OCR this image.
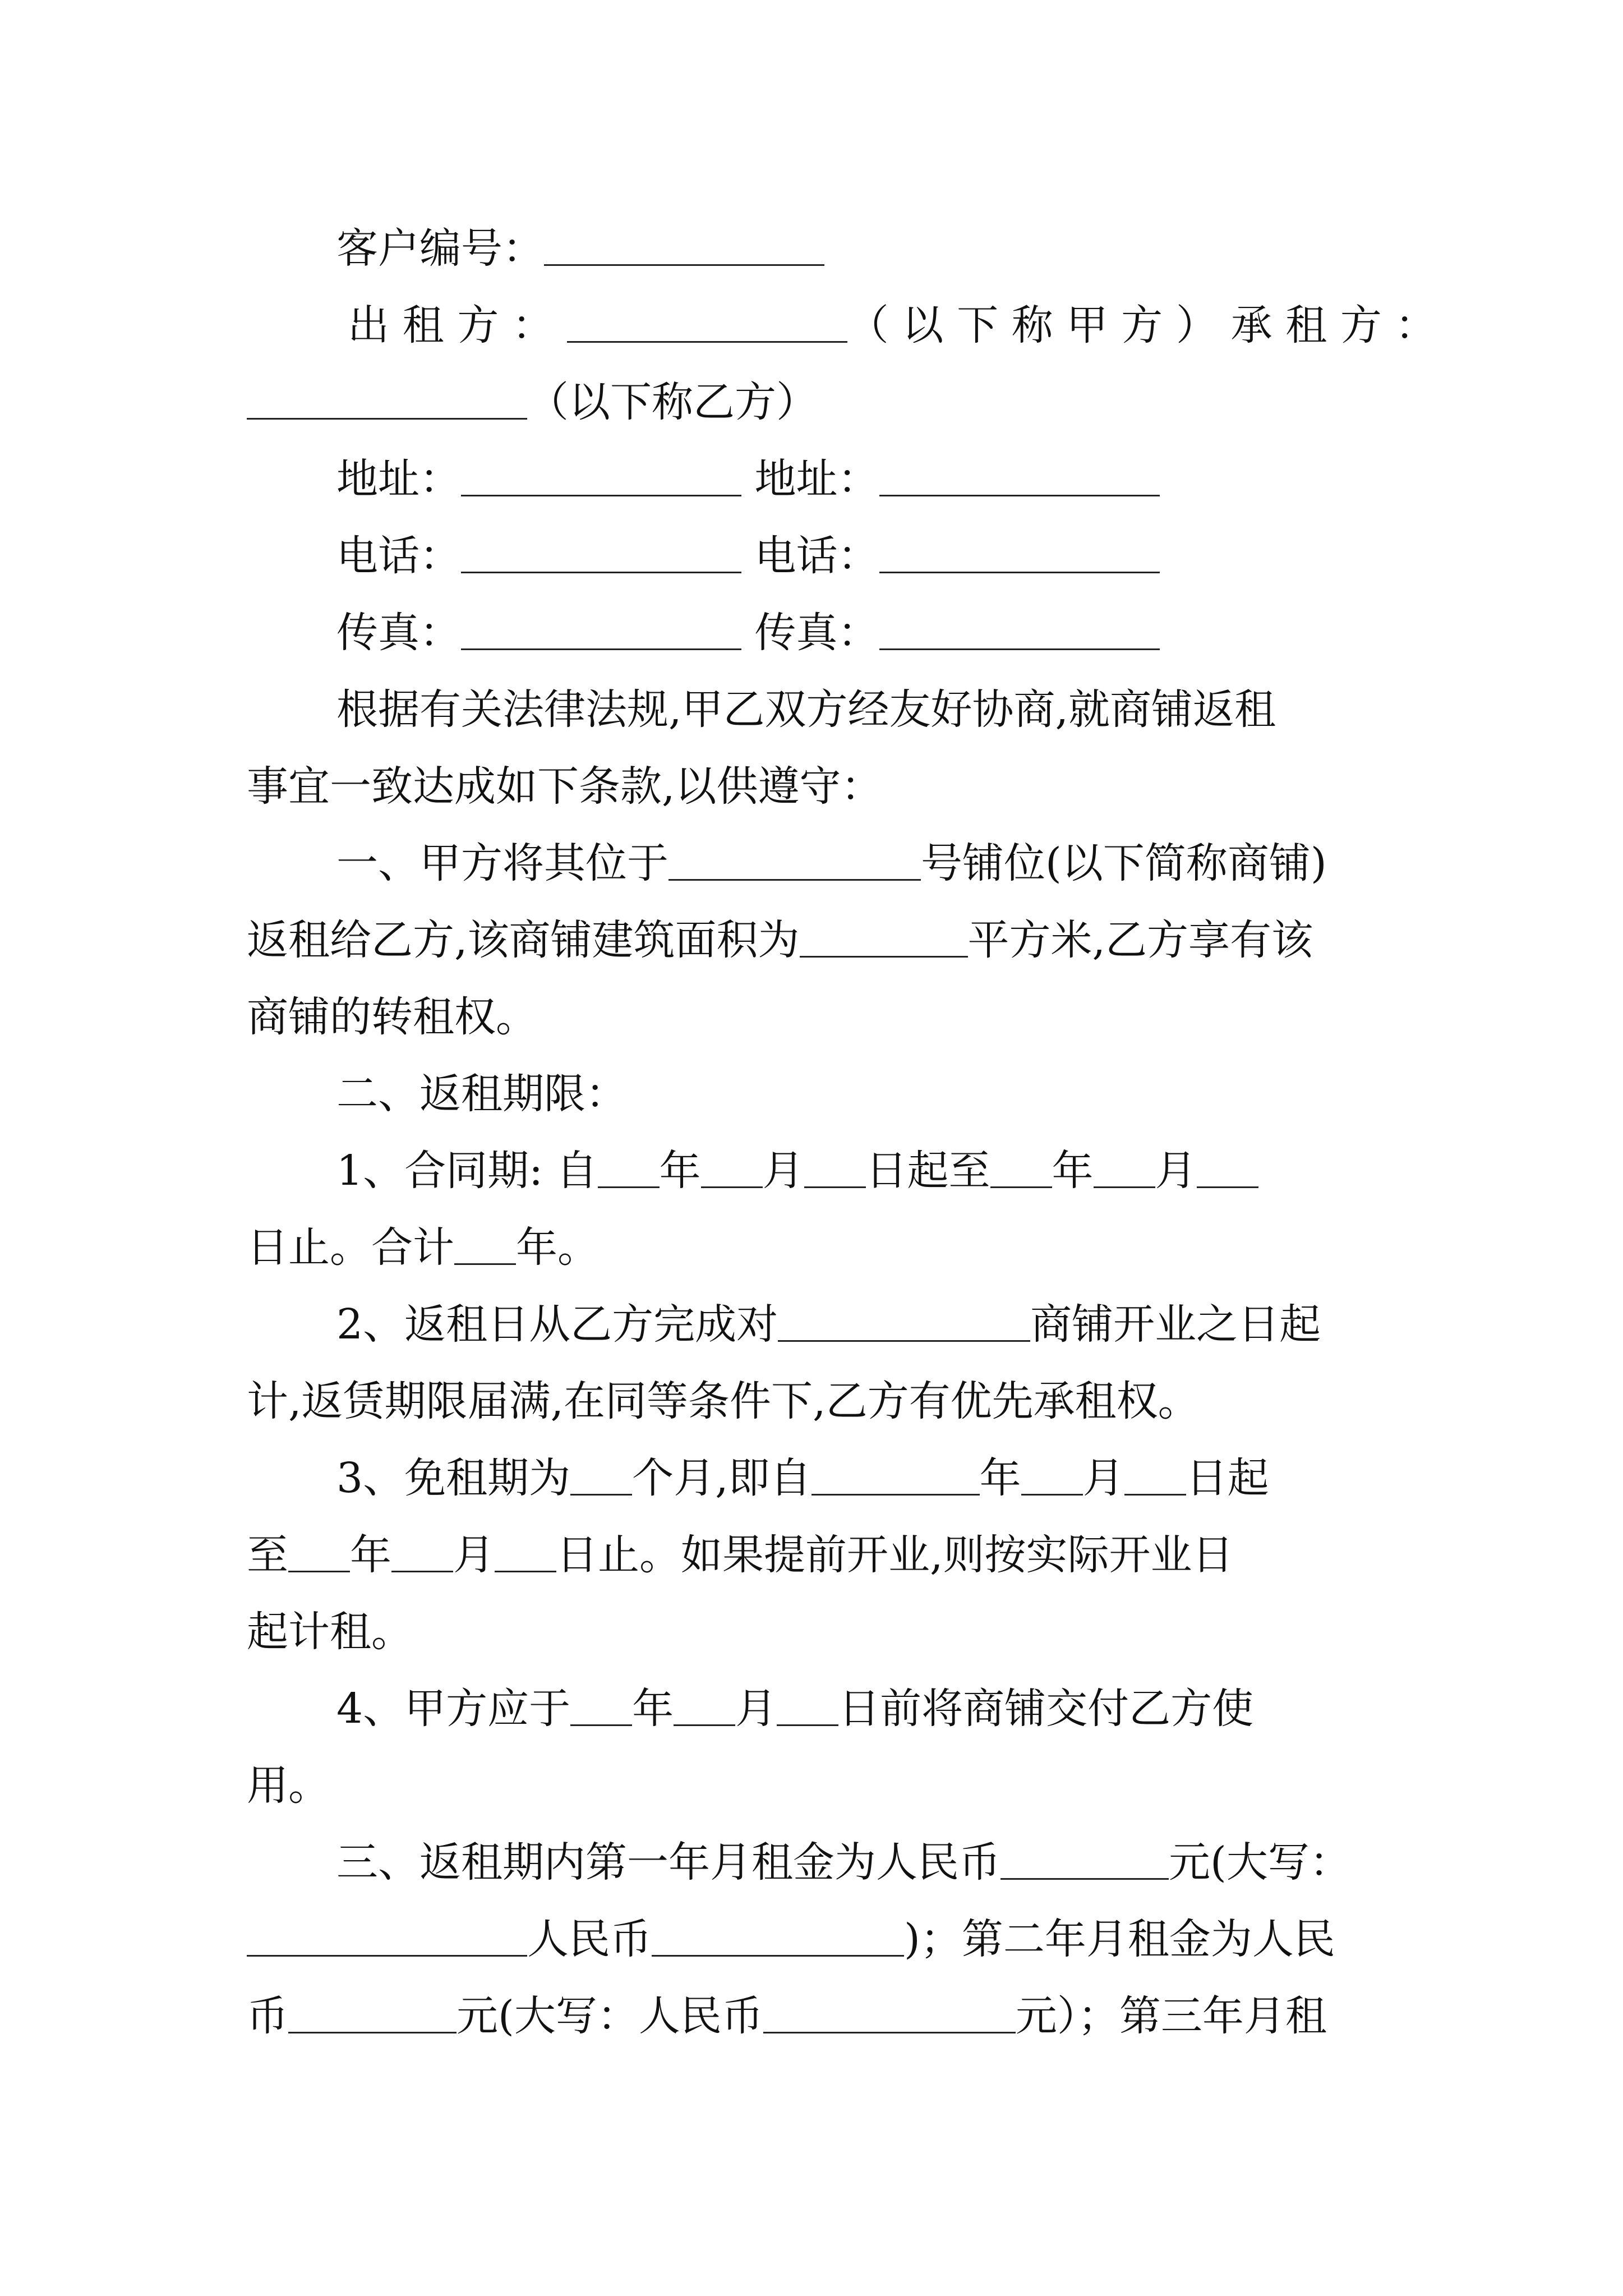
客户编号：
出租方：	（以下称甲方）承租方：
（以下称乙方）
地址：	地址：
电话：	电话：
传真：	传真：
根据有关法律法规,甲乙双方经友好协商,就商铺返租
事宜一致达成如下条款,以供遵守：
一、甲方将其位于	号铺位(以下简称商铺)
返租给乙方,该商铺建筑面积为	平方米,乙方享有该
商铺的转租权。
二、返租期限：
1、合同期: 自 年 月 日起至 年 月
日止。合计 年。
2、返租日从乙方完成对	商铺开业之日起
计,返赁期限届满,在同等条件下,乙方有优先承租权。
3、免租期为 个月,即自	年 月 日起
至 年 月 日止。如果提前开业,则按实际开业日
起计租。
4、甲方应于 年 月 日前将商铺交付乙方使
用。
三、返租期内第一年月租金为人民币	元(大写：
人民币	)；第二年月租金为人民
币	元(大写：人民币	元）；第三年月租
